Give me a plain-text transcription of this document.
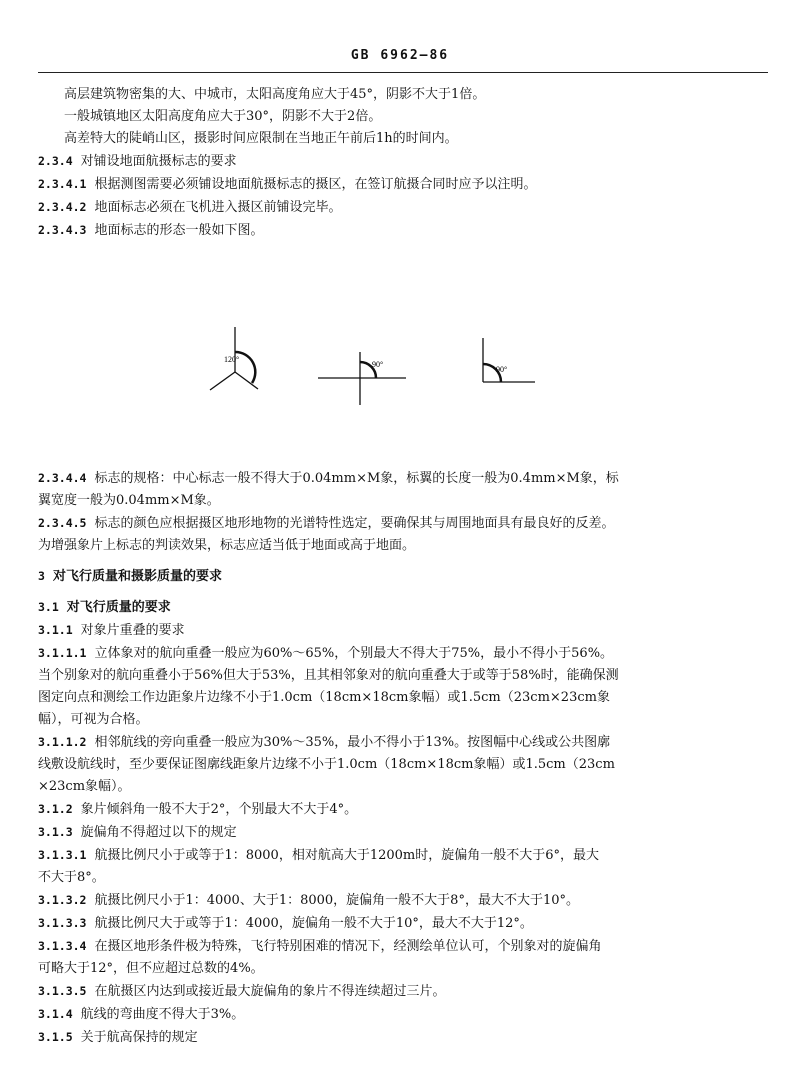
GB 6962—86
高层建筑物密集的大、中城市，太阳高度角应大于45°，阴影不大于1倍。
一般城镇地区太阳高度角应大于30°，阴影不大于2倍。
高差特大的陡峭山区，摄影时间应限制在当地正午前后1h的时间内。
2.3.4 对铺设地面航摄标志的要求
2.3.4.1 根据测图需要必须铺设地面航摄标志的摄区，在签订航摄合同时应予以注明。
2.3.4.2 地面标志必须在飞机进入摄区前铺设完毕。
2.3.4.3 地面标志的形态一般如下图。
120°
90°
90°
2.3.4.4 标志的规格：中心标志一般不得大于0.04mm×M象，标翼的长度一般为0.4mm×M象，标
翼宽度一般为0.04mm×M象。
2.3.4.5 标志的颜色应根据摄区地形地物的光谱特性选定，要确保其与周围地面具有最良好的反差。
为增强象片上标志的判读效果，标志应适当低于地面或高于地面。
3 对飞行质量和摄影质量的要求
3.1 对飞行质量的要求
3.1.1 对象片重叠的要求
3.1.1.1 立体象对的航向重叠一般应为60%～65%，个别最大不得大于75%，最小不得小于56%。
当个别象对的航向重叠小于56%但大于53%，且其相邻象对的航向重叠大于或等于58%时，能确保测
图定向点和测绘工作边距象片边缘不小于1.0cm（18cm×18cm象幅）或1.5cm（23cm×23cm象
幅），可视为合格。
3.1.1.2 相邻航线的旁向重叠一般应为30%～35%，最小不得小于13%。按图幅中心线或公共图廓
线敷设航线时，至少要保证图廓线距象片边缘不小于1.0cm（18cm×18cm象幅）或1.5cm（23cm
×23cm象幅）。
3.1.2 象片倾斜角一般不大于2°，个别最大不大于4°。
3.1.3 旋偏角不得超过以下的规定
3.1.3.1 航摄比例尺小于或等于1：8000，相对航高大于1200m时，旋偏角一般不大于6°，最大
不大于8°。
3.1.3.2 航摄比例尺小于1：4000、大于1：8000，旋偏角一般不大于8°，最大不大于10°。
3.1.3.3 航摄比例尺大于或等于1：4000，旋偏角一般不大于10°，最大不大于12°。
3.1.3.4 在摄区地形条件极为特殊，飞行特别困难的情况下，经测绘单位认可，个别象对的旋偏角
可略大于12°，但不应超过总数的4%。
3.1.3.5 在航摄区内达到或接近最大旋偏角的象片不得连续超过三片。
3.1.4 航线的弯曲度不得大于3%。
3.1.5 关于航高保持的规定
